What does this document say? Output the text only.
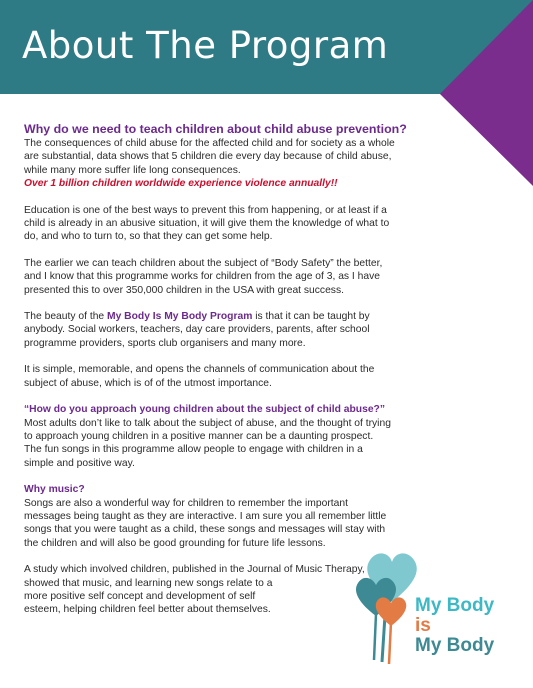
About The Program

Why do we need to teach children about child abuse prevention?
The consequences of child abuse for the affected child and for society as a whole
are substantial, data shows that 5 children die every day because of child abuse,
while many more suffer life long consequences.
Over 1 billion children worldwide experience violence annually!!

Education is one of the best ways to prevent this from happening, or at least if a
child is already in an abusive situation, it will give them the knowledge of what to
do, and who to turn to, so that they can get some help.

The earlier we can teach children about the subject of “Body Safety” the better,
and I know that this programme works for children from the age of 3, as I have
presented this to over 350,000 children in the USA with great success.

The beauty of the My Body Is My Body Program is that it can be taught by
anybody. Social workers, teachers, day care providers, parents, after school
programme providers, sports club organisers and many more.

It is simple, memorable, and opens the channels of communication about the
subject of abuse, which is of of the utmost importance.

“How do you approach young children about the subject of child abuse?”
Most adults don’t like to talk about the subject of abuse, and the thought of trying
to approach young children in a positive manner can be a daunting prospect.
The fun songs in this programme allow people to engage with children in a
simple and positive way.

Why music?
Songs are also a wonderful way for children to remember the important
messages being taught as they are interactive. I am sure you all remember little
songs that you were taught as a child, these songs and messages will stay with
the children and will also be good grounding for future life lessons.

A study which involved children, published in the Journal of Music Therapy,
showed that music, and learning new songs relate to a
more positive self concept and development of self
esteem, helping children feel better about themselves.	My Body
is
My Body
